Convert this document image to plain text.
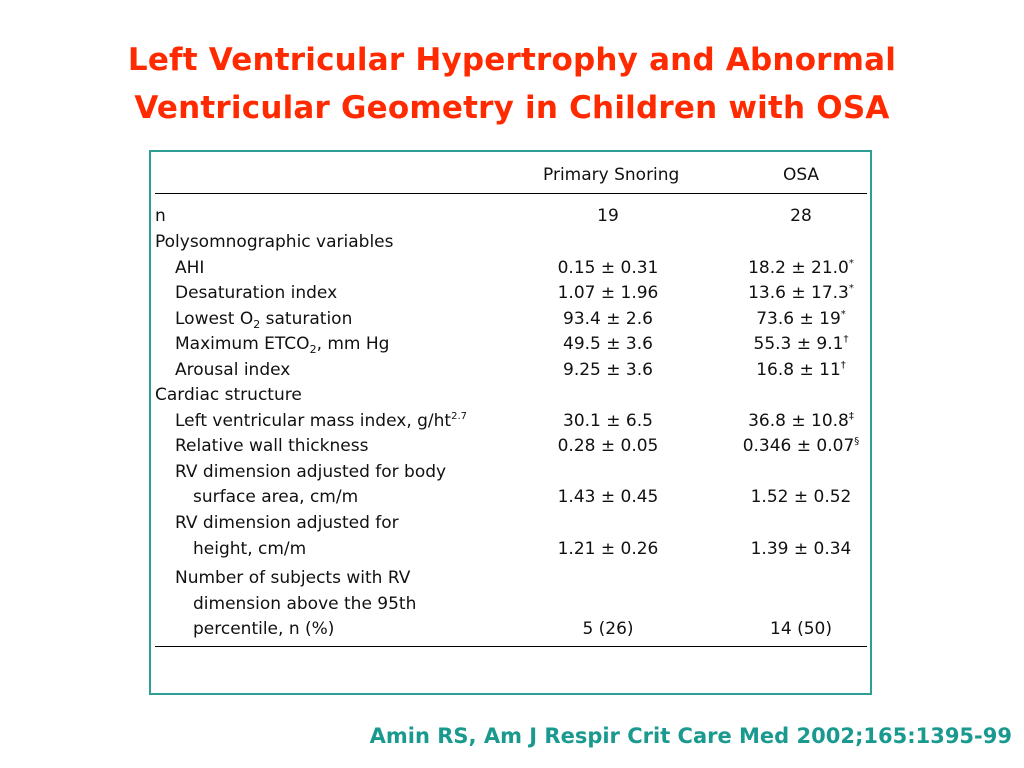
Left Ventricular Hypertrophy and Abnormal
Ventricular Geometry in Children with OSA
Primary Snoring	OSA
n	19	28
Polysomnographic variables
AHI	0.15 ± 0.31	18.2 ± 21.0*
Desaturation index	1.07 ± 1.96	13.6 ± 17.3*
Lowest $O_2$ saturation	93.4 ± 2.6	73.6 ± 19*
Maximum $ETCO_2$, mm Hg	49.5 ± 3.6	55.3 ± 9.1†
Arousal index	9.25 ± 3.6	16.8 ± 11†
Cardiac structure
Left ventricular mass index, $g/ht^{2.7}$	30.1 ± 6.5	36.8 ± 10.8‡
Relative wall thickness	0.28 ± 0.05	0.346 ± 0.07§
RV dimension adjusted for body
surface area, cm/m	1.43 ± 0.45	1.52 ± 0.52
RV dimension adjusted for
height, cm/m	1.21 ± 0.26	1.39 ± 0.34
Number of subjects with RV
dimension above the 95th
percentile, n (%)	5 (26)	14 (50)
Amin RS, Am J Respir Crit Care Med 2002;165:1395-99
